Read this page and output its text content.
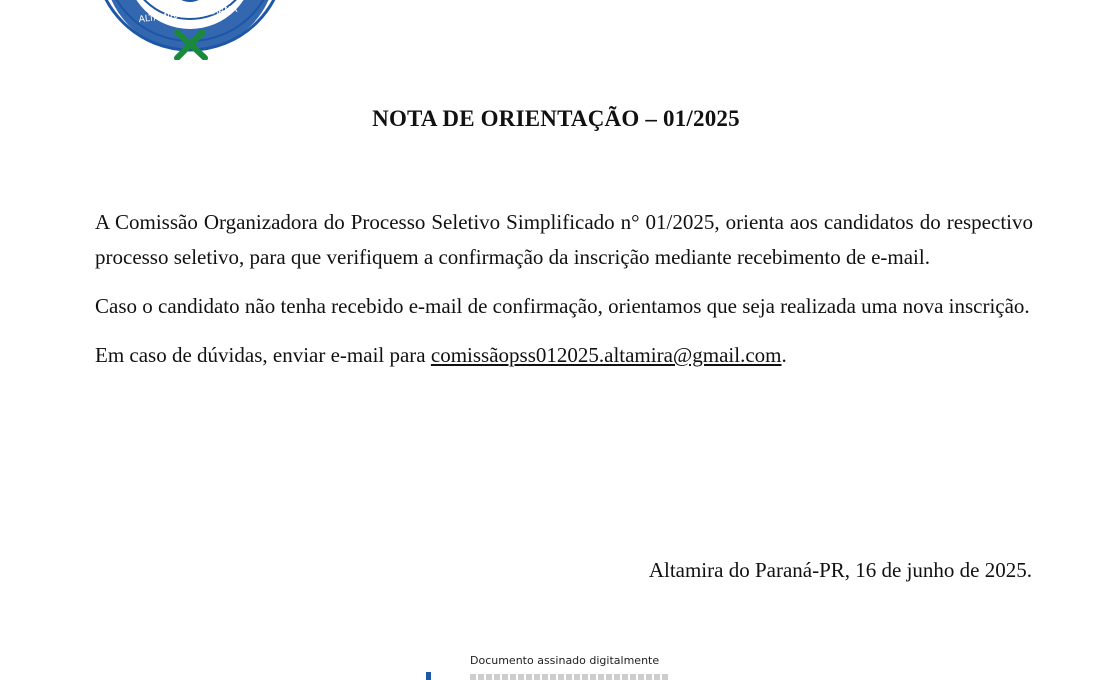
ALTAMIRA DO PARANÁ
NOTA DE ORIENTAÇÃO – 01/2025

A Comissão Organizadora do Processo Seletivo Simplificado n° 01/2025, orienta aos candidatos do respectivo processo seletivo, para que verifiquem a confirmação da inscrição mediante recebimento de e-mail.

Caso o candidato não tenha recebido e-mail de confirmação, orientamos que seja realizada uma nova inscrição.

Em caso de dúvidas, enviar e-mail para comissãopss012025.altamira@gmail.com.

Altamira do Paraná-PR, 16 de junho de 2025.
Documento assinado digitalmente
